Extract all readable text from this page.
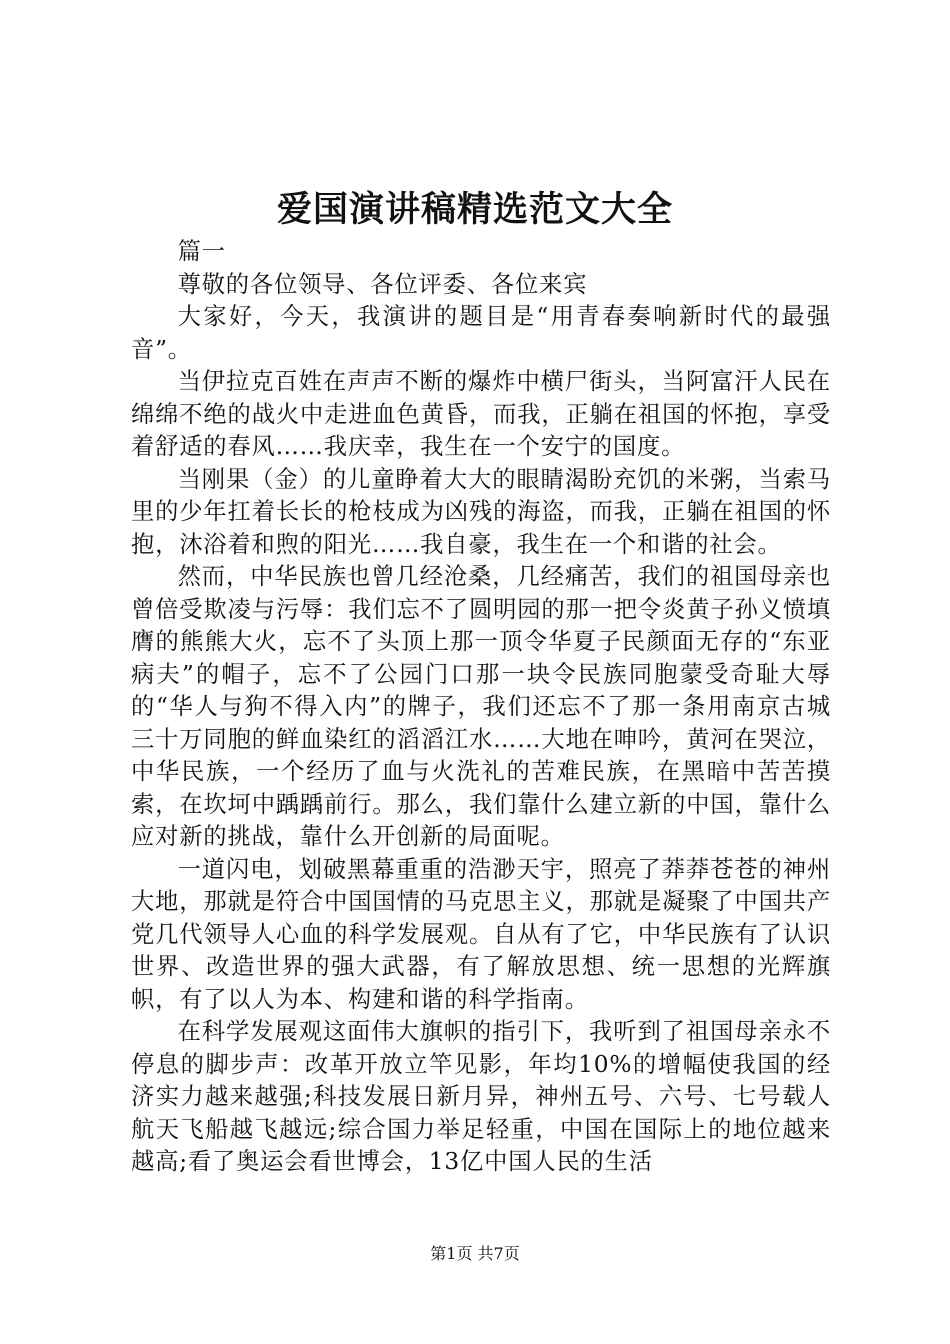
爱国演讲稿精选范文大全

篇一

尊敬的各位领导、各位评委、各位来宾

大家好，今天，我演讲的题目是“用青春奏响新时代的最强音”。

当伊拉克百姓在声声不断的爆炸中横尸街头，当阿富汗人民在绵绵不绝的战火中走进血色黄昏，而我，正躺在祖国的怀抱，享受着舒适的春风……我庆幸，我生在一个安宁的国度。

当刚果（金）的儿童睁着大大的眼睛渴盼充饥的米粥，当索马里的少年扛着长长的枪枝成为凶残的海盗，而我，正躺在祖国的怀抱，沐浴着和煦的阳光……我自豪，我生在一个和谐的社会。

然而，中华民族也曾几经沧桑，几经痛苦，我们的祖国母亲也曾倍受欺凌与污辱：我们忘不了圆明园的那一把令炎黄子孙义愤填膺的熊熊大火，忘不了头顶上那一顶令华夏子民颜面无存的“东亚病夫”的帽子，忘不了公园门口那一块令民族同胞蒙受奇耻大辱的“华人与狗不得入内”的牌子，我们还忘不了那一条用南京古城三十万同胞的鲜血染红的滔滔江水……大地在呻吟，黄河在哭泣，中华民族，一个经历了血与火洗礼的苦难民族，在黑暗中苦苦摸索，在坎坷中踽踽前行。那么，我们靠什么建立新的中国，靠什么应对新的挑战，靠什么开创新的局面呢。

一道闪电，划破黑幕重重的浩渺天宇，照亮了莽莽苍苍的神州大地，那就是符合中国国情的马克思主义，那就是凝聚了中国共产党几代领导人心血的科学发展观。自从有了它，中华民族有了认识世界、改造世界的强大武器，有了解放思想、统一思想的光辉旗帜，有了以人为本、构建和谐的科学指南。

在科学发展观这面伟大旗帜的指引下，我听到了祖国母亲永不停息的脚步声：改革开放立竿见影，年均10%的增幅使我国的经济实力越来越强;科技发展日新月异，神州五号、六号、七号载人航天飞船越飞越远;综合国力举足轻重，中国在国际上的地位越来越高;看了奥运会看世博会，13亿中国人民的生活

第1页 共7页
